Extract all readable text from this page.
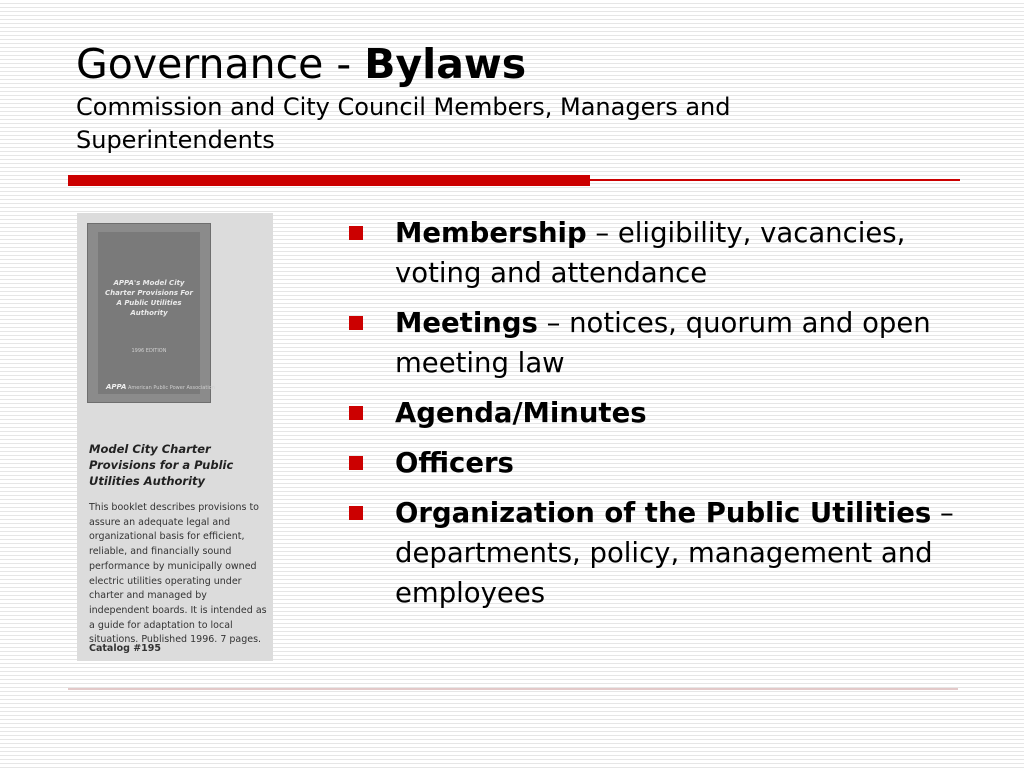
Governance - Bylaws
Commission and City Council Members, Managers and Superintendents
APPA's Model City Charter Provisions For A Public Utilities Authority
1996 EDITION
APPA American Public Power Association
Model City Charter Provisions for a Public Utilities Authority
This booklet describes provisions to assure an adequate legal and organizational basis for efficient, reliable, and financially sound performance by municipally owned electric utilities operating under charter and managed by independent boards. It is intended as a guide for adaptation to local situations. Published 1996. 7 pages.
Catalog #195
Membership – eligibility, vacancies, voting and attendance
Meetings – notices, quorum and open meeting law
Agenda/Minutes
Officers
Organization of the Public Utilities – departments, policy, management and employees
